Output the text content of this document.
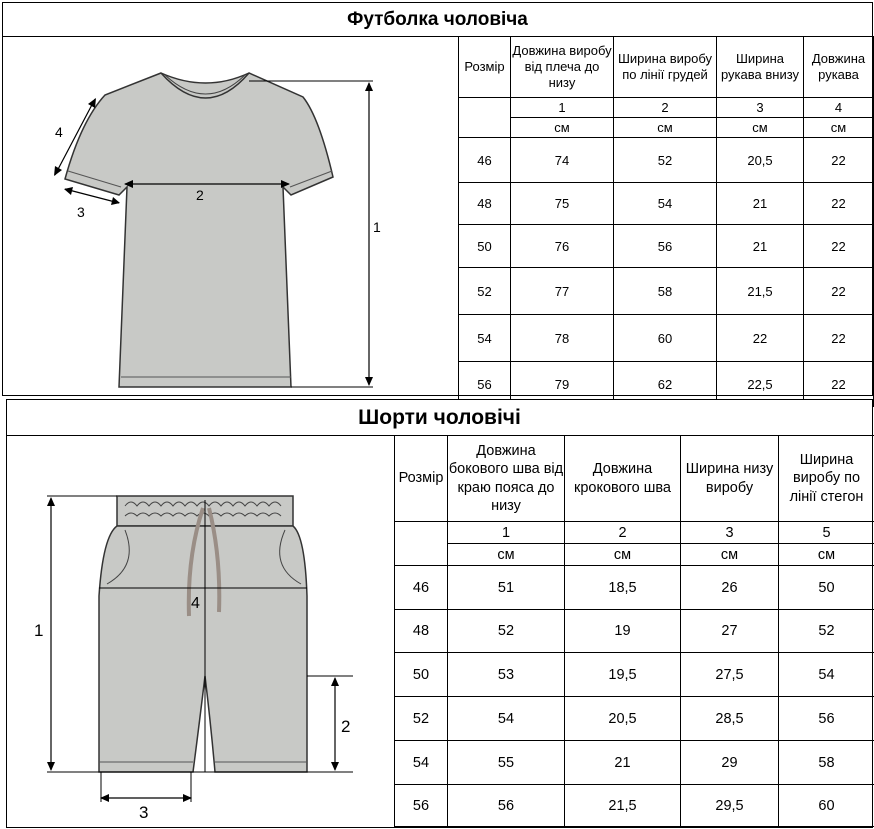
Футболка чоловіча
1
2
3
4
Розмір	Довжина виробу від плеча до низу	Ширина виробу по лінії грудей	Ширина рукава внизу	Довжина рукава
	1	2	3	4
	см	см	см	см
46	74	52	20,5	22
48	75	54	21	22
50	76	56	21	22
52	77	58	21,5	22
54	78	60	22	22
56	79	62	22,5	22
Шорти чоловічі
4
1
2
3
Розмір	Довжина бокового шва від краю пояса до низу	Довжина крокового шва	Ширина низу виробу	Ширина виробу по лінії стегон
	1	2	3	5
	см	см	см	см
46	51	18,5	26	50
48	52	19	27	52
50	53	19,5	27,5	54
52	54	20,5	28,5	56
54	55	21	29	58
56	56	21,5	29,5	60
